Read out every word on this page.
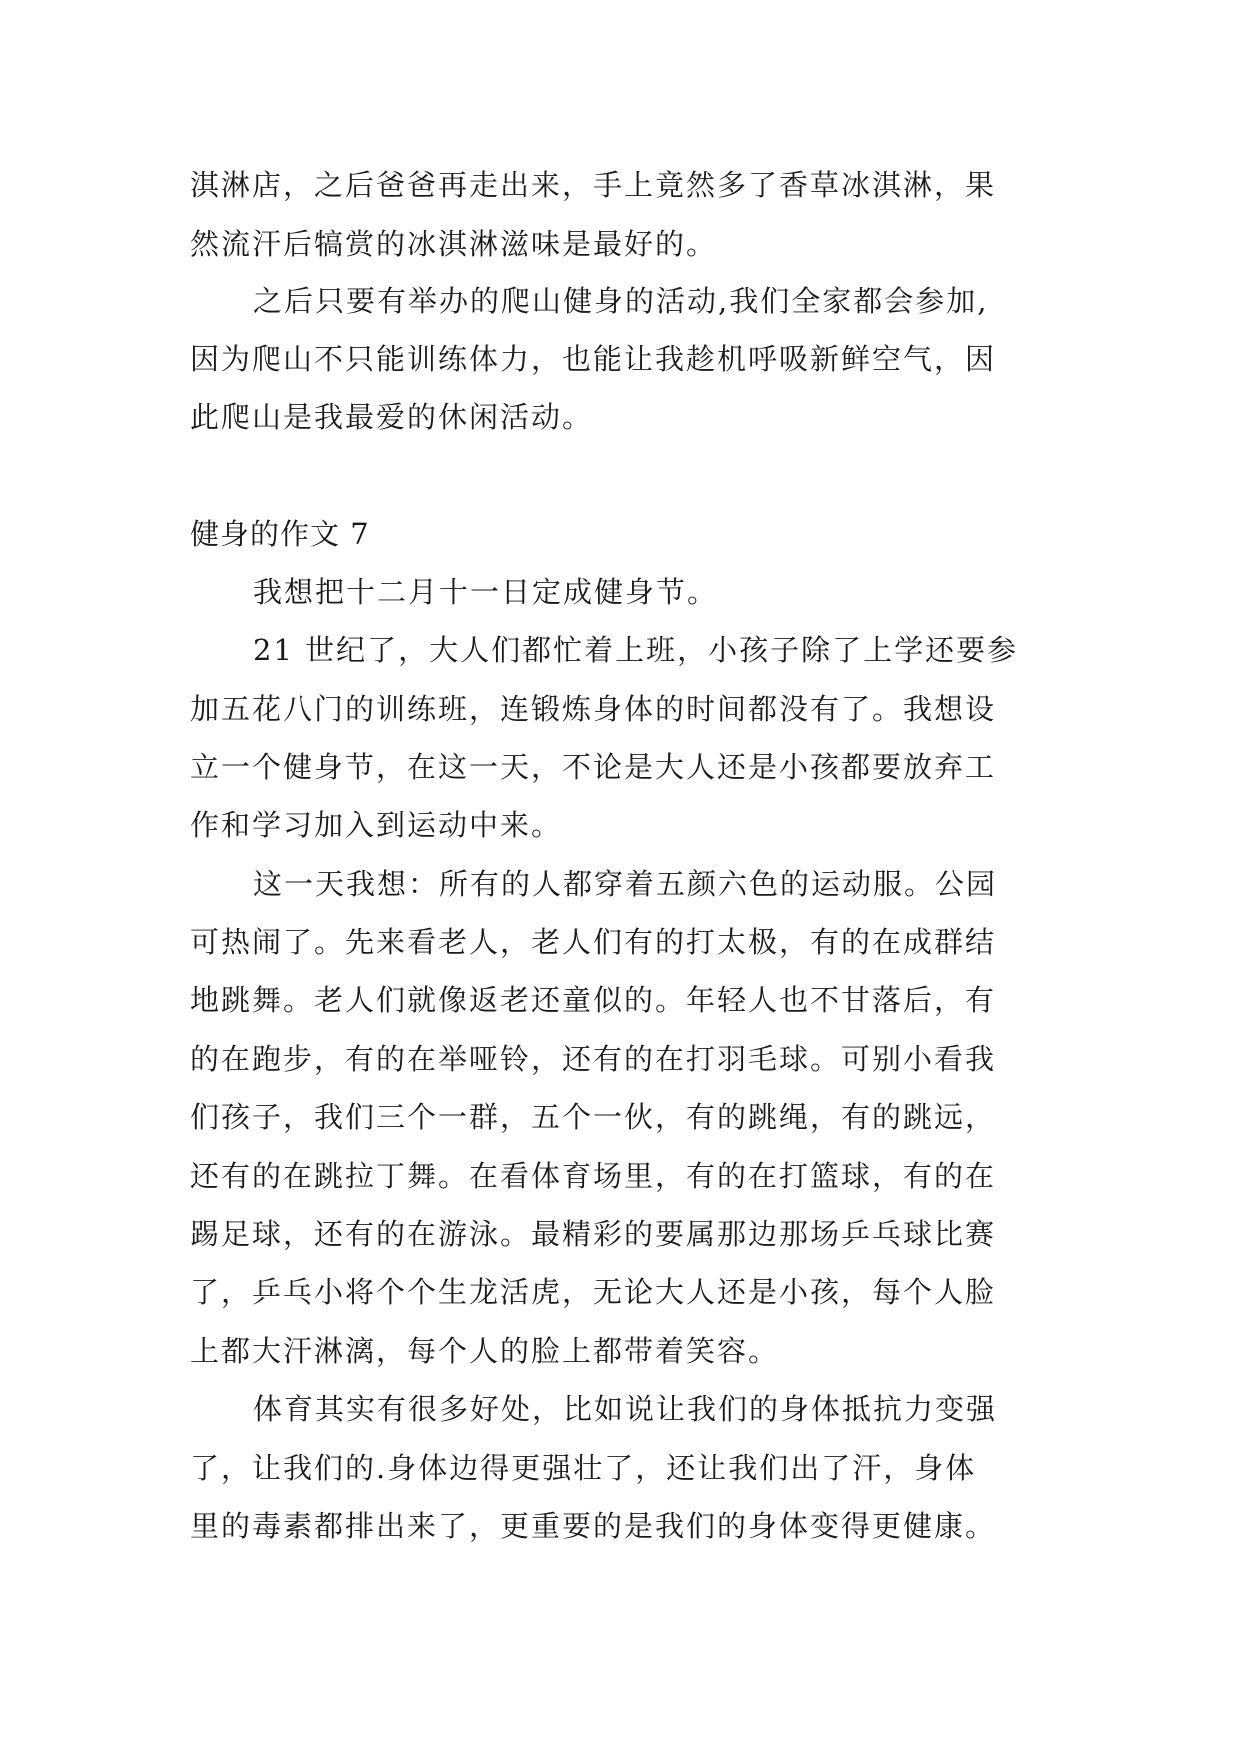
淇淋店，之后爸爸再走出来，手上竟然多了香草冰淇淋，果
然流汗后犒赏的冰淇淋滋味是最好的。
之后只要有举办的爬山健身的活动,我们全家都会参加,
因为爬山不只能训练体力，也能让我趁机呼吸新鲜空气，因
此爬山是我最爱的休闲活动。
健身的作文 7
我想把十二月十一日定成健身节。
21 世纪了，大人们都忙着上班，小孩子除了上学还要参
加五花八门的训练班，连锻炼身体的时间都没有了。我想设
立一个健身节，在这一天，不论是大人还是小孩都要放弃工
作和学习加入到运动中来。
这一天我想：所有的人都穿着五颜六色的运动服。公园
可热闹了。先来看老人，老人们有的打太极，有的在成群结
地跳舞。老人们就像返老还童似的。年轻人也不甘落后，有
的在跑步，有的在举哑铃，还有的在打羽毛球。可别小看我
们孩子，我们三个一群，五个一伙，有的跳绳，有的跳远，
还有的在跳拉丁舞。在看体育场里，有的在打篮球，有的在
踢足球，还有的在游泳。最精彩的要属那边那场乒乓球比赛
了，乒乓小将个个生龙活虎，无论大人还是小孩，每个人脸
上都大汗淋漓，每个人的脸上都带着笑容。
体育其实有很多好处，比如说让我们的身体抵抗力变强
了，让我们的.身体边得更强壮了，还让我们出了汗，身体
里的毒素都排出来了，更重要的是我们的身体变得更健康。
